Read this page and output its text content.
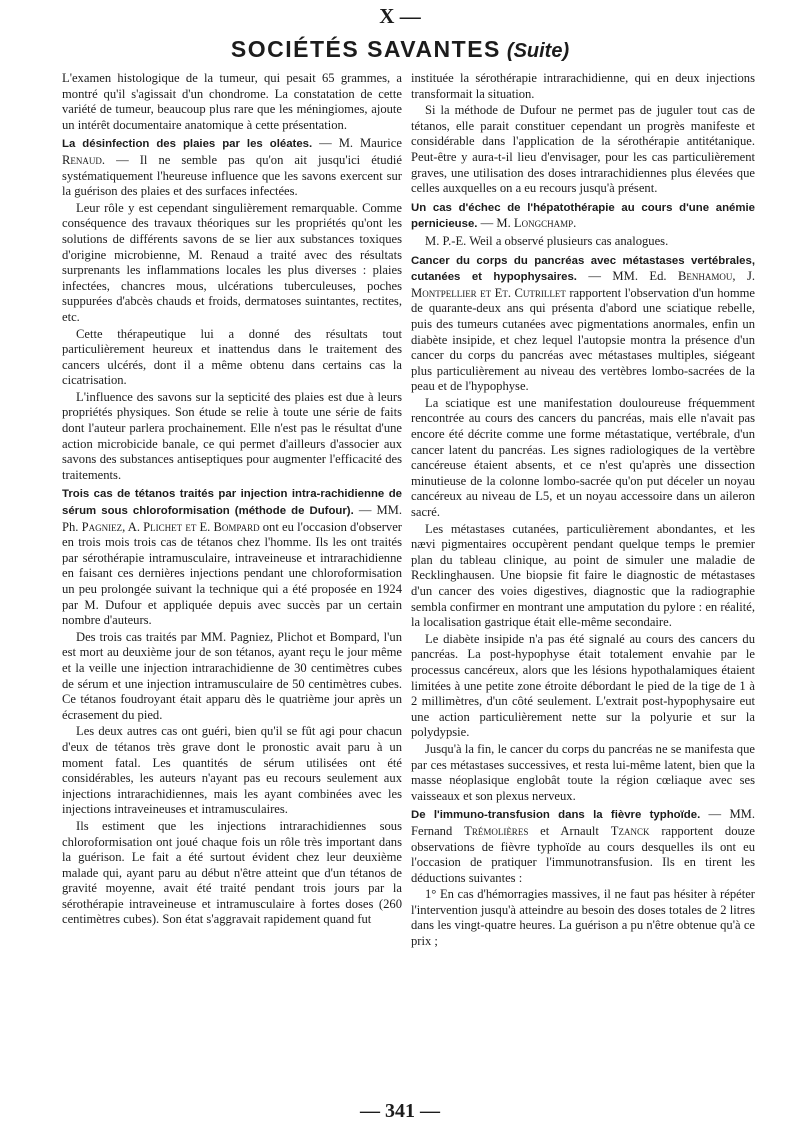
X —
SOCIÉTÉS SAVANTES (Suite)

L'examen histologique de la tumeur, qui pesait 65 grammes, a montré qu'il s'agissait d'un chondrome. La constatation de cette variété de tumeur, beaucoup plus rare que les méningiomes, ajoute un intérêt documentaire anatomique à cette présentation.

La désinfection des plaies par les oléates. — M. Maurice Renaud. — Il ne semble pas qu'on ait jusqu'ici étudié systématiquement l'heureuse influence que les savons exercent sur la guérison des plaies et des surfaces infectées.

Leur rôle y est cependant singulièrement remarquable. Comme conséquence des travaux théoriques sur les propriétés qu'ont les solutions de différents savons de se lier aux substances toxiques d'origine microbienne, M. Renaud a traité avec des résultats surprenants les inflammations locales les plus diverses : plaies infectées, chancres mous, ulcérations tuberculeuses, poches suppurées d'abcès chauds et froids, dermatoses suintantes, rectites, etc.

Cette thérapeutique lui a donné des résultats tout particulièrement heureux et inattendus dans le traitement des cancers ulcérés, dont il a même obtenu dans certains cas la cicatrisation.

L'influence des savons sur la septicité des plaies est due à leurs propriétés physiques. Son étude se relie à toute une série de faits dont l'auteur parlera prochainement. Elle n'est pas le résultat d'une action microbicide banale, ce qui permet d'ailleurs d'associer aux savons des substances antiseptiques pour augmenter l'efficacité des traitements.

Trois cas de tétanos traités par injection intra-rachidienne de sérum sous chloroformisation (méthode de Dufour). — MM. Ph. Pagniez, A. Plichet et E. Bompard ont eu l'occasion d'observer en trois mois trois cas de tétanos chez l'homme. Ils les ont traités par sérothérapie intramusculaire, intraveineuse et intrarachidienne en faisant ces dernières injections pendant une chloroformisation un peu prolongée suivant la technique qui a été proposée en 1924 par M. Dufour et appliquée depuis avec succès par un certain nombre d'auteurs.

Des trois cas traités par MM. Pagniez, Plichot et Bompard, l'un est mort au deuxième jour de son tétanos, ayant reçu le jour même et la veille une injection intrarachidienne de 30 centimètres cubes de sérum et une injection intramusculaire de 50 centimètres cubes. Ce tétanos foudroyant était apparu dès le quatrième jour après un écrasement du pied.

Les deux autres cas ont guéri, bien qu'il se fût agi pour chacun d'eux de tétanos très grave dont le pronostic avait paru à un moment fatal. Les quantités de sérum utilisées ont été considérables, les auteurs n'ayant pas eu recours seulement aux injections intrarachidiennes, mais les ayant combinées avec les injections intraveineuses et intramusculaires.

Ils estiment que les injections intrarachidiennes sous chloroformisation ont joué chaque fois un rôle très important dans la guérison. Le fait a été surtout évident chez leur deuxième malade qui, ayant paru au début n'être atteint que d'un tétanos de gravité moyenne, avait été traité pendant trois jours par la sérothérapie intraveineuse et intramusculaire à fortes doses (260 centimètres cubes). Son état s'aggravait rapidement quand fut

instituée la sérothérapie intrarachidienne, qui en deux injections transformait la situation.

Si la méthode de Dufour ne permet pas de juguler tout cas de tétanos, elle parait constituer cependant un progrès manifeste et considérable dans l'application de la sérothérapie antitétanique. Peut-être y aura-t-il lieu d'envisager, pour les cas particulièrement graves, une utilisation des doses intrarachidiennes plus élevées que celles auxquelles on a eu recours jusqu'à présent.

Un cas d'échec de l'hépatothérapie au cours d'une anémie pernicieuse. — M. Longchamp.

M. P.-E. Weil a observé plusieurs cas analogues.

Cancer du corps du pancréas avec métastases vertébrales, cutanées et hypophysaires. — MM. Ed. Benhamou, J. Montpellier et Et. Cutrillet rapportent l'observation d'un homme de quarante-deux ans qui présenta d'abord une sciatique rebelle, puis des tumeurs cutanées avec pigmentations anormales, enfin un diabète insipide, et chez lequel l'autopsie montra la présence d'un cancer du corps du pancréas avec métastases multiples, siégeant plus particulièrement au niveau des vertèbres lombo-sacrées de la peau et de l'hypophyse.

La sciatique est une manifestation douloureuse fréquemment rencontrée au cours des cancers du pancréas, mais elle n'avait pas encore été décrite comme une forme métastatique, vertébrale, d'un cancer latent du pancréas. Les signes radiologiques de la vertèbre cancéreuse étaient absents, et ce n'est qu'après une dissection minutieuse de la colonne lombo-sacrée qu'on put déceler un noyau cancéreux au niveau de L5, et un noyau accessoire dans un aileron sacré.

Les métastases cutanées, particulièrement abondantes, et les nævi pigmentaires occupèrent pendant quelque temps le premier plan du tableau clinique, au point de simuler une maladie de Recklinghausen. Une biopsie fit faire le diagnostic de métastases d'un cancer des voies digestives, diagnostic que la radiographie sembla confirmer en montrant une amputation du pylore : en réalité, la localisation gastrique était elle-même secondaire.

Le diabète insipide n'a pas été signalé au cours des cancers du pancréas. La post-hypophyse était totalement envahie par le processus cancéreux, alors que les lésions hypothalamiques étaient limitées à une petite zone étroite débordant le pied de la tige de 1 à 2 millimètres, d'un côté seulement. L'extrait post-hypophysaire eut une action particulièrement nette sur la polyurie et sur la polydypsie.

Jusqu'à la fin, le cancer du corps du pancréas ne se manifesta que par ces métastases successives, et resta lui-même latent, bien que la masse néoplasique englobât toute la région cœliaque avec ses vaisseaux et son plexus nerveux.

De l'immuno-transfusion dans la fièvre typhoïde. — MM. Fernand Trémolières et Arnault Tzanck rapportent douze observations de fièvre typhoïde au cours desquelles ils ont eu l'occasion de pratiquer l'immunotransfusion. Ils en tirent les déductions suivantes :

1° En cas d'hémorragies massives, il ne faut pas hésiter à répéter l'intervention jusqu'à atteindre au besoin des doses totales de 2 litres dans les vingt-quatre heures. La guérison a pu n'être obtenue qu'à ce prix ;

— 341 —
